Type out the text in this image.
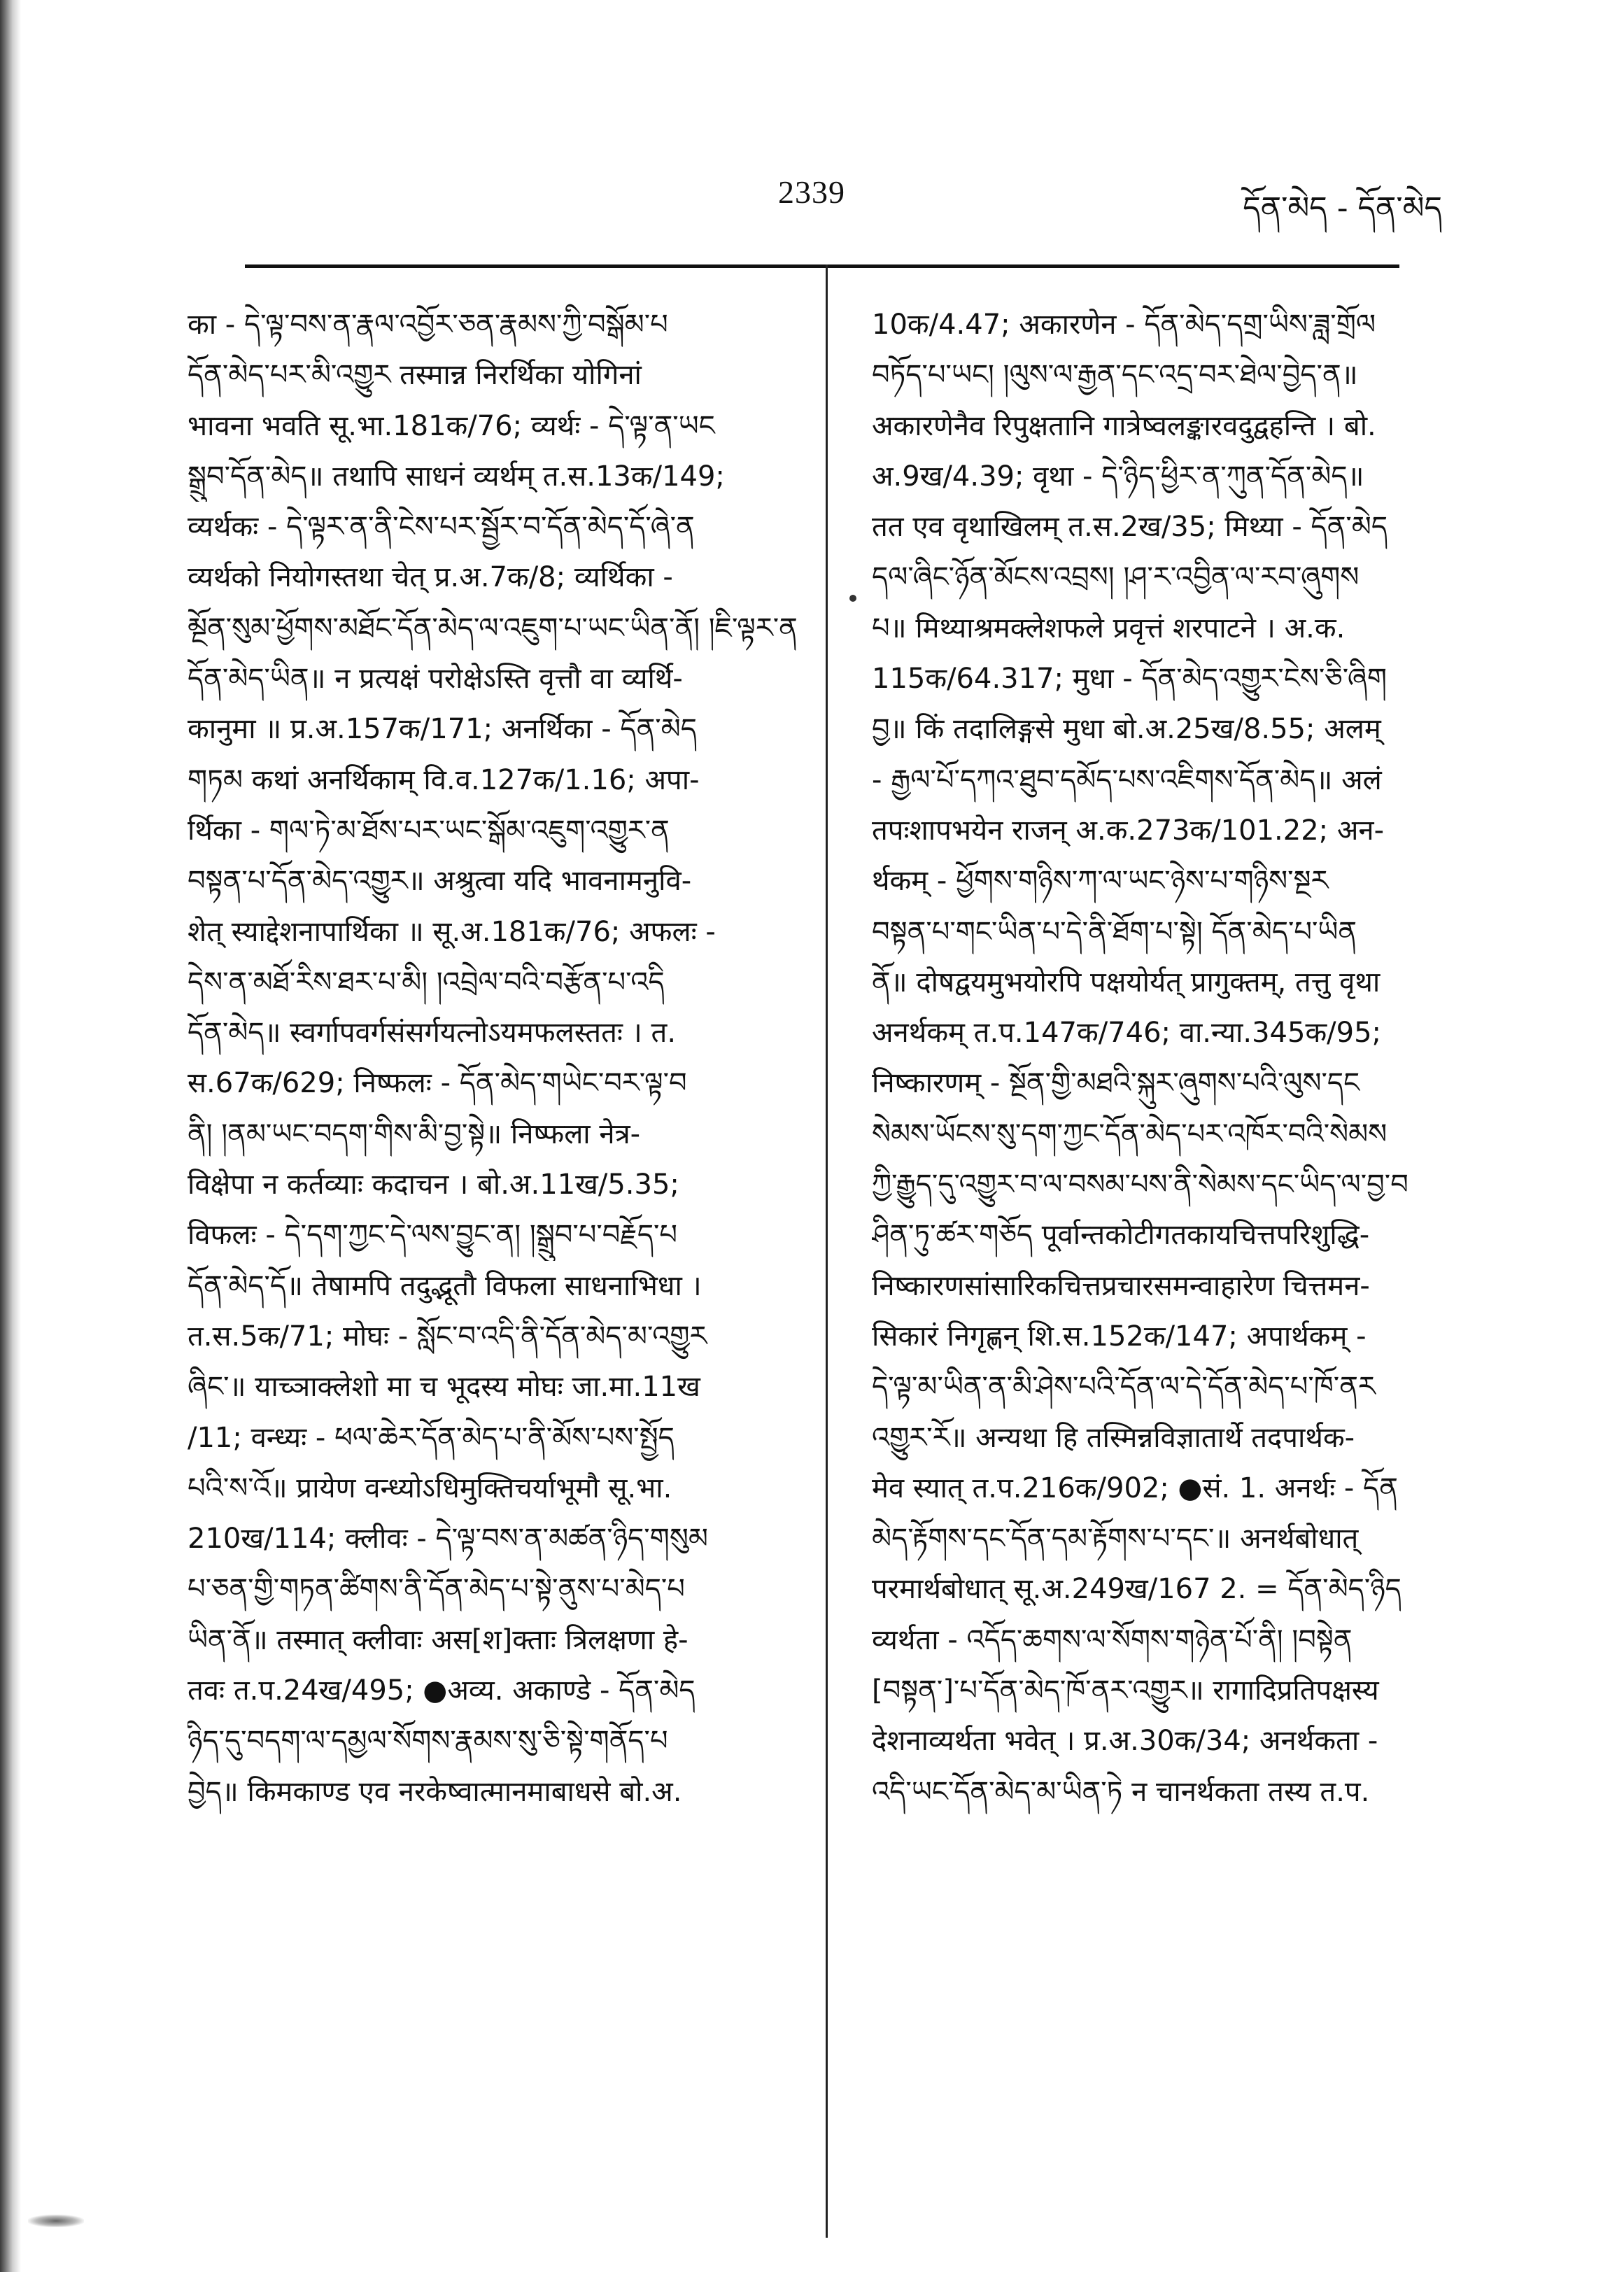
2339	དོན་མེད - དོན་མེད
का - དེ་ལྟ་བས་ན་རྣལ་འབྱོར་ཅན་རྣམས་ཀྱི་བསྒོམ་པ
དོན་མེད་པར་མི་འགྱུར तस्मान्न निरर्थिका योगिनां
भावना भवति सू.भा.181क/76; व्यर्थः - དེ་ལྟ་ན་ཡང
སྒྲུབ་དོན་མེད॥ तथापि साधनं व्यर्थम् त.स.13क/149;
व्यर्थकः - དེ་ལྟར་ན་ནི་ངེས་པར་སྦྱོར་བ་དོན་མེད་དོ་ཞེ་ན
व्यर्थको नियोगस्तथा चेत् प्र.अ.7क/8; व्यर्थिका -
མྔོན་སུམ་ཕྱོགས་མཐོང་དོན་མེད་ལ་འཇུག་པ་ཡང་ཡིན་ནོ། །ཇི་ལྟར་ན
དོན་མེད་ཡིན॥ न प्रत्यक्षं परोक्षेऽस्ति वृत्तौ वा व्यर्थि-
कानुमा ॥ प्र.अ.157क/171; अनर्थिका - དོན་མེད
གཏམ कथां अनर्थिकाम् वि.व.127क/1.16; अपा-
र्थिका - གལ་ཏེ་མ་ཐོས་པར་ཡང་སྒོམ་འཇུག་འགྱུར་ན
བསྟན་པ་དོན་མེད་འགྱུར॥ अश्रुत्वा यदि भावनामनुवि-
शेत् स्याद्देशनापार्थिका ॥ सू.अ.181क/76; अफलः -
དེས་ན་མཐོ་རིས་ཐར་པ་མི། །འབྲེལ་བའི་བརྩོན་པ་འདི
དོན་མེད॥ स्वर्गापवर्गसंसर्गयत्नोऽयमफलस्ततः । त.
स.67क/629; निष्फलः - དོན་མེད་གཡེང་བར་ལྟ་བ
ནི། །ནམ་ཡང་བདག་གིས་མི་བྱ་སྟེ॥ निष्फला नेत्र-
विक्षेपा न कर्तव्याः कदाचन । बो.अ.11ख/5.35;
विफलः - དེ་དག་ཀྱང་དེ་ལས་བྱུང་ན། །སྒྲུབ་པ་བརྗོད་པ
དོན་མེད་དོ॥ तेषामपि तदुद्भूतौ विफला साधनाभिधा ।
त.स.5क/71; मोघः - སློང་བ་འདི་ནི་དོན་མེད་མ་འགྱུར
ཞིང་॥ याच्ञाक्लेशो मा च भूदस्य मोघः जा.मा.11ख
/11; वन्ध्यः - ཕལ་ཆེར་དོན་མེད་པ་ནི་མོས་པས་སྤྱོད
པའི་ས་འོ॥ प्रायेण वन्ध्योऽधिमुक्तिचर्याभूमौ सू.भा.
210ख/114; क्लीवः - དེ་ལྟ་བས་ན་མཚན་ཉིད་གསུམ
པ་ཅན་གྱི་གཏན་ཚིགས་ནི་དོན་མེད་པ་སྟེ་ནུས་པ་མེད་པ
ཡིན་ནོ॥ तस्मात् क्लीवाः अस[श]क्ताः त्रिलक्षणा हे-
तवः त.प.24ख/495; ●अव्य. अकाण्डे - དོན་མེད
ཉིད་དུ་བདག་ལ་དམྱལ་སོགས་རྣམས་སུ་ཅི་སྟེ་གནོད་པ
བྱེད॥ किमकाण्ड एव नरकेष्वात्मानमाबाधसे बो.अ.
10क/4.47; अकारणेन - དོན་མེད་དགྲ་ཡིས་ཟླ་གྲོལ
བཏོད་པ་ཡང། །ལུས་ལ་རྒྱན་དང་འདྲ་བར་ཐེལ་བྱེད་ན॥
अकारणेनैव रिपुक्षतानि गात्रेष्वलङ्कारवदुद्वहन्ति । बो.
अ.9ख/4.39; वृथा - དེ་ཉིད་ཕྱིར་ན་ཀུན་དོན་མེད॥
तत एव वृथाखिलम् त.स.2ख/35; मिथ्या - དོན་མེད
དལ་ཞིང་ཉོན་མོངས་འབྲས། །ཤ་ར་འབྱིན་ལ་རབ་ཞུགས
པ॥ मिथ्याश्रमक्लेशफले प्रवृत्तं शरपाटने । अ.क.
115क/64.317; मुधा - དོན་མེད་འགྱུར་ངེས་ཅི་ཞིག
བྱ॥ किं तदालिङ्गसे मुधा बो.अ.25ख/8.55; अलम्
- རྒྱལ་པོ་དཀའ་ཐུབ་དམོད་པས་འཇིགས་དོན་མེད॥ अलं
तपःशापभयेन राजन् अ.क.273क/101.22; अन-
र्थकम् - ཕྱོགས་གཉིས་ཀ་ལ་ཡང་ཉེས་པ་གཉིས་སྔར
བསྟན་པ་གང་ཡིན་པ་དེ་ནི་ཐོག་པ་སྟེ། དོན་མེད་པ་ཡིན
ནོ॥ दोषद्वयमुभयोरपि पक्षयोर्यत् प्रागुक्तम्, तत्तु वृथा
अनर्थकम् त.प.147क/746; वा.न्या.345क/95;
निष्कारणम् - སྔོན་གྱི་མཐའི་སྐུར་ཞུགས་པའི་ལུས་དང
སེམས་ཡོངས་སུ་དག་ཀྱང་དོན་མེད་པར་འཁོར་བའི་སེམས
ཀྱི་རྒྱུད་དུ་འགྱུར་བ་ལ་བསམ་པས་ནི་སེམས་དང་ཡིད་ལ་བྱ་བ
ཤིན་ཏུ་ཚར་གཅོད पूर्वान्तकोटीगतकायचित्तपरिशुद्धि-
निष्कारणसांसारिकचित्तप्रचारसमन्वाहारेण चित्तमन-
सिकारं निगृह्णन् शि.स.152क/147; अपार्थकम् -
དེ་ལྟ་མ་ཡིན་ན་མི་ཤེས་པའི་དོན་ལ་དེ་དོན་མེད་པ་ཁོ་ནར
འགྱུར་རོ॥ अन्यथा हि तस्मिन्नविज्ञातार्थे तदपार्थक-
मेव स्यात् त.प.216क/902; ●सं. 1. अनर्थः - དོན
མེད་རྟོགས་དང་དོན་དམ་རྟོགས་པ་དང་॥ अनर्थबोधात्
परमार्थबोधात् सू.अ.249ख/167 2. = དོན་མེད་ཉིད
व्यर्थता - འདོད་ཆགས་ལ་སོགས་གཉེན་པོ་ནི། །བསྟེན
[བསྟན་]་པ་དོན་མེད་ཁོ་ནར་འགྱུར॥ रागादिप्रतिपक्षस्य
देशनाव्यर्थता भवेत् । प्र.अ.30क/34; अनर्थकता -
འདི་ཡང་དོན་མེད་མ་ཡིན་ཏེ न चानर्थकता तस्य त.प.
